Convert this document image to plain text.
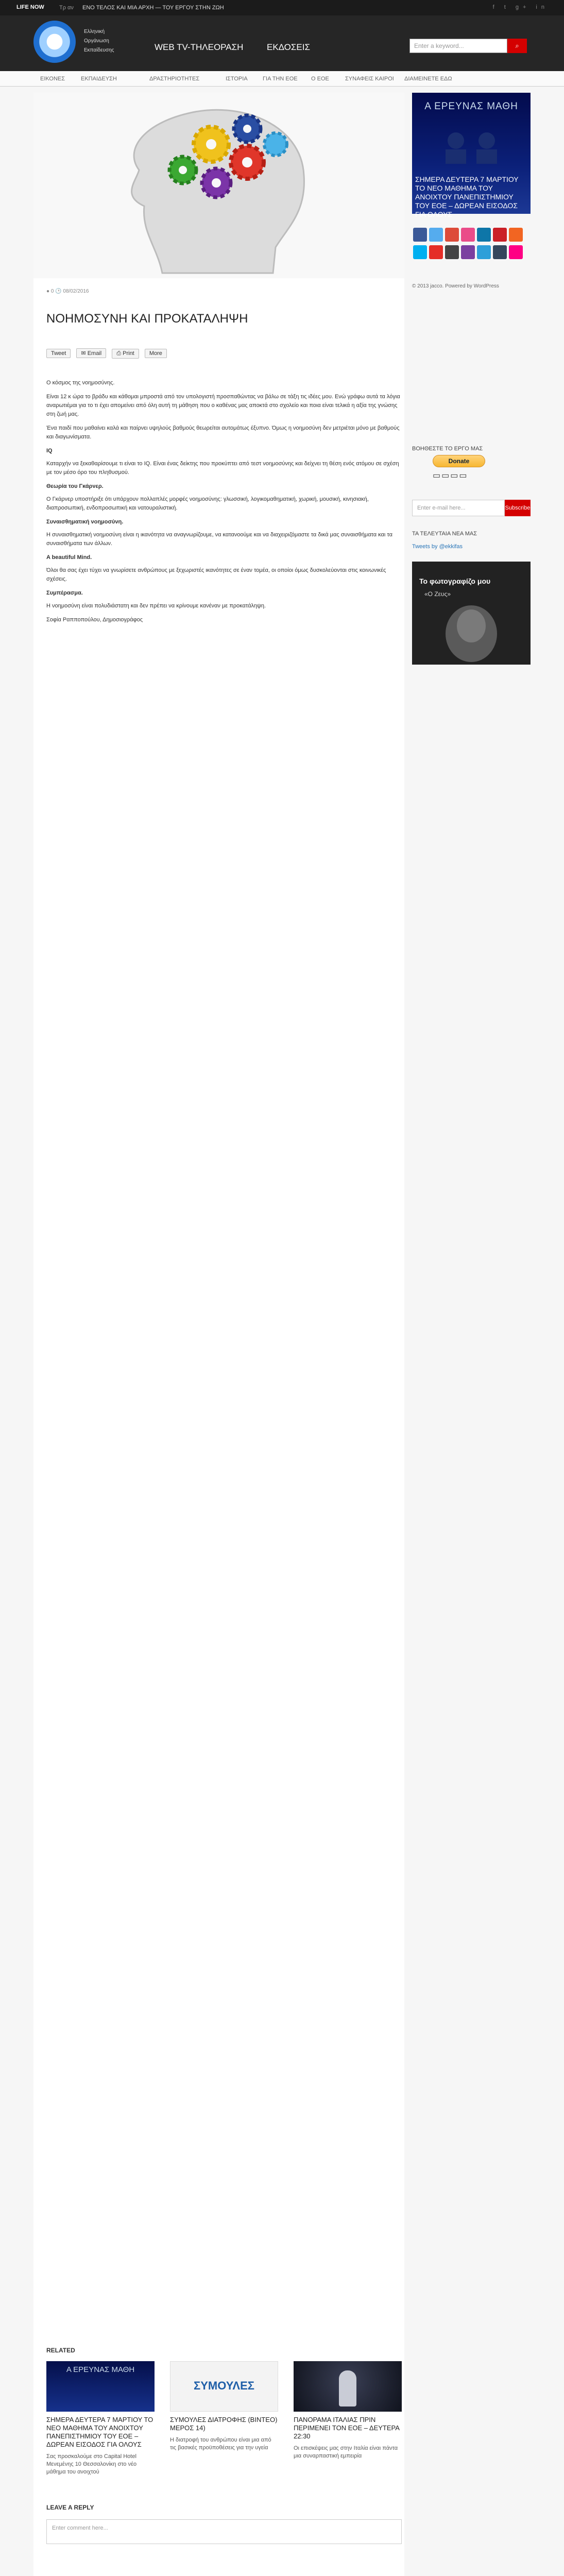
LIFE NOW	Τρ αν ΕΝΟ ΤΕΛΟΣ ΚΑΙ ΜΙΑ ΑΡΧΗ — ΤΟΥ ΕΡΓΟΥ ΣΤΗΝ ΖΩΗ	f t g+ in
Ελληνική
Οργάνωση
Εκπαίδευσης	WEB TV-ΤΗΛΕΟΡΑΣΗ	ΕΚΔΟΣΕΙΣ	Enter a keyword...	⌕
ΕΙΚΟΝΕΣ	ΕΚΠΑΙΔΕΥΣΗ	ΔΡΑΣΤΗΡΙΟΤΗΤΕΣ	ΙΣΤΟΡΙΑ	ΓΙΑ ΤΗΝ ΕΟΕ Ο ΕΟΕ	ΣΥΝΑΦΕΙΣ ΚΑΙΡΟΙ ΔΙΑΜΕΙΝΕΤΕ ΕΔΩ
● 0 🕒 08/02/2016
ΝΟΗΜΟΣΥΝΗ ΚΑΙ ΠΡΟΚΑΤΑΛΗΨΗ
Tweet	✉ Email	⎙ Print	More

Ο κόσμος της νοημοσύνης.

Είναι 12 κ ώρα το βράδυ και κάθομαι μπροστά από τον υπολογιστή προσπαθώντας να βάλω σε τάξη τις ιδέες μου. Ενώ γράφω αυτά τα λόγια αναρωτιέμαι για το τι έχει απομείνει από όλη αυτή τη μάθηση που ο καθένας μας αποκτά στο σχολείο και ποια είναι τελικά η αξία της γνώσης στη ζωή μας.

Ένα παιδί που μαθαίνει καλά και παίρνει υψηλούς βαθμούς θεωρείται αυτομάτως έξυπνο. Όμως η νοημοσύνη δεν μετριέται μόνο με βαθμούς και διαγωνίσματα.

IQ

Καταρχήν να ξεκαθαρίσουμε τι είναι το IQ. Είναι ένας δείκτης που προκύπτει από τεστ νοημοσύνης και δείχνει τη θέση ενός ατόμου σε σχέση με τον μέσο όρο του πληθυσμού.

Θεωρία του Γκάρνερ.

Ο Γκάρνερ υποστήριξε ότι υπάρχουν πολλαπλές μορφές νοημοσύνης: γλωσσική, λογικομαθηματική, χωρική, μουσική, κινησιακή, διαπροσωπική, ενδοπροσωπική και νατουραλιστική.

Συναισθηματική νοημοσύνη.

Η συναισθηματική νοημοσύνη είναι η ικανότητα να αναγνωρίζουμε, να κατανοούμε και να διαχειριζόμαστε τα δικά μας συναισθήματα και τα συναισθήματα των άλλων.

A beautiful Mind.

Όλοι θα σας έχει τύχει να γνωρίσετε ανθρώπους με ξεχωριστές ικανότητες σε έναν τομέα, οι οποίοι όμως δυσκολεύονται στις κοινωνικές σχέσεις.

Συμπέρασμα.

Η νοημοσύνη είναι πολυδιάστατη και δεν πρέπει να κρίνουμε κανέναν με προκατάληψη.

Σοφία Ραπποπούλου, Δημοσιογράφος

RELATED
Α ΕΡΕΥΝΑΣ ΜΑΘΗ
ΣΗΜΕΡΑ ΔΕΥΤΕΡΑ 7 ΜΑΡΤΙΟΥ ΤΟ ΝΕΟ ΜΑΘΗΜΑ ΤΟΥ ΑΝΟΙΧΤΟΥ ΠΑΝΕΠΙΣΤΗΜΙΟΥ ΤΟΥ ΕΟΕ – ΔΩΡΕΑΝ ΕΙΣΟΔΟΣ ΓΙΑ ΟΛΟΥΣ
Σας προσκαλούμε στο Capital Hotel Μενεμένης 10 Θεσσαλονίκη στο νέο μάθημα του ανοιχτού
ΣΥΜΟΥΛΕΣ
ΣΥΜΟΥΛΕΣ ΔΙΑΤΡΟΦΗΣ (ΒΙΝΤΕΟ) ΜΕΡΟΣ 14)
Η διατροφή του ανθρώπου είναι μια από τις βασικές προϋποθέσεις για την υγεία
ΠΑΝΟΡΑΜΑ ΙΤΑΛΙΑΣ ΠΡΙΝ ΠΕΡΙΜΕΝΕΙ ΤΟΝ ΕΟΕ – ΔΕΥΤΕΡΑ 22:30
Οι επισκέψεις μας στην Ιταλία είναι πάντα μια συναρπαστική εμπειρία
LEAVE A REPLY
Enter comment here...
Α ΕΡΕΥΝΑΣ ΜΑΘΗ
ΣΗΜΕΡΑ ΔΕΥΤΕΡΑ 7 ΜΑΡΤΙΟΥ ΤΟ ΝΕΟ ΜΑΘΗΜΑ ΤΟΥ ΑΝΟΙΧΤΟΥ ΠΑΝΕΠΙΣΤΗΜΙΟΥ ΤΟΥ ΕΟΕ – ΔΩΡΕΑΝ ΕΙΣΟΔΟΣ ΓΙΑ ΟΛΟΥΣ
© 2013 jacco. Powered by WordPress
ΒΟΗΘΕΣΤΕ ΤΟ ΕΡΓΟ ΜΑΣ
Donate
▭▭▭▭
Enter e-mail here...	Subscribe
ΤΑ ΤΕΛΕΥΤΑΙΑ ΝΕΑ ΜΑΣ
Tweets by @ekkifas
Το φωτογραφίζο μου
«Ο Ζευς»
